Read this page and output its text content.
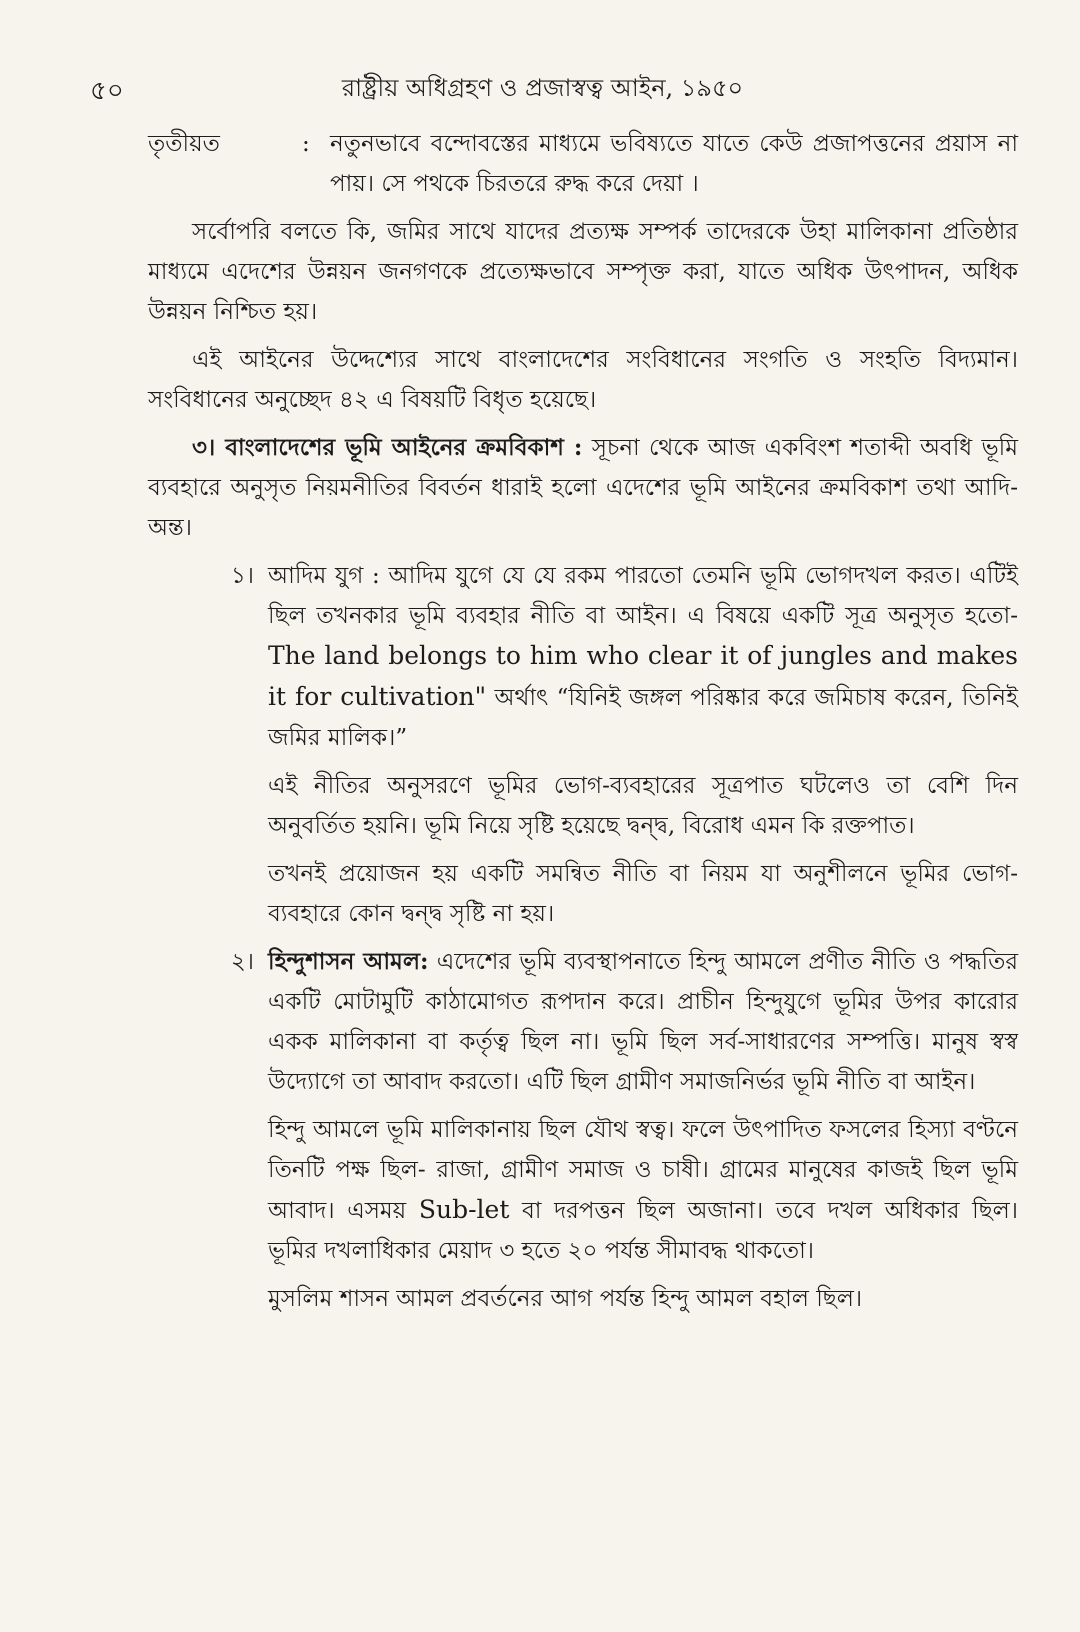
৫০	রাষ্ট্রীয় অধিগ্রহণ ও প্রজাস্বত্ব আইন, ১৯৫০
তৃতীয়ত	: নতুনভাবে বন্দোবস্তের মাধ্যমে ভবিষ্যতে যাতে কেউ প্রজাপত্তনের প্রয়াস না পায়। সে পথকে চিরতরে রুদ্ধ করে দেয়া ।

সর্বোপরি বলতে কি, জমির সাথে যাদের প্রত্যক্ষ সম্পর্ক তাদেরকে উহা মালিকানা প্রতিষ্ঠার মাধ্যমে এদেশের উন্নয়ন জনগণকে প্রত্যেক্ষভাবে সম্পৃক্ত করা, যাতে অধিক উৎপাদন, অধিক উন্নয়ন নিশ্চিত হয়।

এই আইনের উদ্দেশ্যের সাথে বাংলাদেশের সংবিধানের সংগতি ও সংহতি বিদ্যমান। সংবিধানের অনুচ্ছেদ ৪২ এ বিষয়টি বিধৃত হয়েছে।

৩। বাংলাদেশের ভূমি আইনের ক্রমবিকাশ : সূচনা থেকে আজ একবিংশ শতাব্দী অবধি ভূমি ব্যবহারে অনুসৃত নিয়মনীতির বিবর্তন ধারাই হলো এদেশের ভূমি আইনের ক্রমবিকাশ তথা আদি-অন্ত।

১। আদিম যুগ : আদিম যুগে যে যে রকম পারতো তেমনি ভূমি ভোগদখল করত। এটিই ছিল তখনকার ভূমি ব্যবহার নীতি বা আইন। এ বিষয়ে একটি সূত্র অনুসৃত হতো- The land belongs to him who clear it of jungles and makes it for cultivation" অর্থাৎ “যিনিই জঙ্গল পরিষ্কার করে জমিচাষ করেন, তিনিই জমির মালিক।”

এই নীতির অনুসরণে ভূমির ভোগ-ব্যবহারের সূত্রপাত ঘটলেও তা বেশি দিন অনুবর্তিত হয়নি। ভূমি নিয়ে সৃষ্টি হয়েছে দ্বন্দ্ব, বিরোধ এমন কি রক্তপাত।

তখনই প্রয়োজন হয় একটি সমন্বিত নীতি বা নিয়ম যা অনুশীলনে ভূমির ভোগ-ব্যবহারে কোন দ্বন্দ্ব সৃষ্টি না হয়।

২। হিন্দুশাসন আমল: এদেশের ভূমি ব্যবস্থাপনাতে হিন্দু আমলে প্রণীত নীতি ও পদ্ধতির একটি মোটামুটি কাঠামোগত রূপদান করে। প্রাচীন হিন্দুযুগে ভূমির উপর কারোর একক মালিকানা বা কর্তৃত্ব ছিল না। ভূমি ছিল সর্ব-সাধারণের সম্পত্তি। মানুষ স্বস্ব উদ্যোগে তা আবাদ করতো। এটি ছিল গ্রামীণ সমাজনির্ভর ভূমি নীতি বা আইন।

হিন্দু আমলে ভূমি মালিকানায় ছিল যৌথ স্বত্ব। ফলে উৎপাদিত ফসলের হিস্যা বণ্টনে তিনটি পক্ষ ছিল- রাজা, গ্রামীণ সমাজ ও চাষী। গ্রামের মানুষের কাজই ছিল ভূমি আবাদ। এসময় Sub-let বা দরপত্তন ছিল অজানা। তবে দখল অধিকার ছিল। ভূমির দখলাধিকার মেয়াদ ৩ হতে ২০ পর্যন্ত সীমাবদ্ধ থাকতো।

মুসলিম শাসন আমল প্রবর্তনের আগ পর্যন্ত হিন্দু আমল বহাল ছিল।
